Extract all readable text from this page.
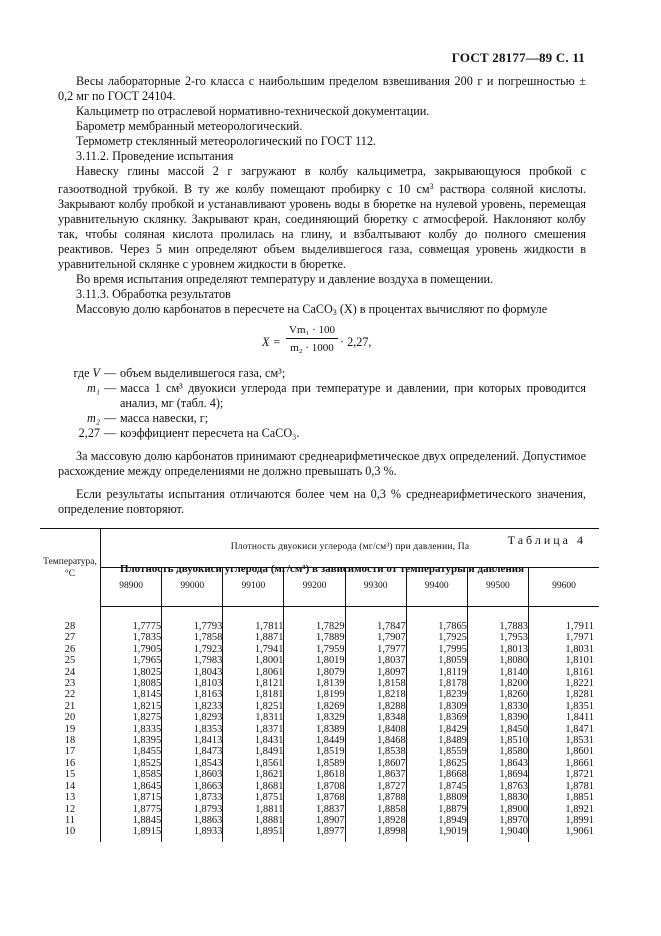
ГОСТ 28177—89 С. 11

Весы лабораторные 2-го класса с наибольшим пределом взвешивания 200 г и погрешностью ± 0,2 мг по ГОСТ 24104.

Кальциметр по отраслевой нормативно-технической документации.

Барометр мембранный метеорологический.

Термометр стеклянный метеорологический по ГОСТ 112.

3.11.2. Проведение испытания

Навеску глины массой 2 г загружают в колбу кальциметра, закрывающуюся пробкой с газоотводной трубкой. В ту же колбу помещают пробирку с 10 $см^3$ раствора соляной кислоты. Закрывают колбу пробкой и устанавливают уровень воды в бюретке на нулевой уровень, перемещая уравнительную склянку. Закрывают кран, соединяющий бюретку с атмосферой. Наклоняют колбу так, чтобы соляная кислота пролилась на глину, и взбалтывают колбу до полного смешения реактивов. Через 5 мин определяют объем выделившегося газа, совмещая уровень жидкости в уравнительной склянке с уровнем жидкости в бюретке.

Во время испытания определяют температуру и давление воздуха в помещении.

3.11.3. Обработка результатов

Массовую долю карбонатов в пересчете на CaCO$_3$ (X) в процентах вычисляют по формуле

$X = \frac{\text{Vm₁ · 100}}{\text{m₂ · 1000}} \cdot 2,27$,
где V — объем выделившегося газа, см³;
m₁ — масса 1 см³ двуокиси углерода при температуре и давлении, при которых проводится анализ, мг (табл. 4);
m₂ — масса навески, г;
2,27 — коэффициент пересчета на CaCO₃.

За массовую долю карбонатов принимают среднеарифметическое двух определений. Допустимое расхождение между определениями не должно превышать 0,3 %.

Если результаты испытания отличаются более чем на 0,3 % среднеарифметического значения, определение повторяют.

Таблица 4
Плотность двуокиси углерода (мг/см³) в зависимости от температуры и давления
Температура, °С	Плотность двуокиси углерода (мг/см³) при давлении, Па							
	98900	99000	99100	99200	99300	99400	99500	99600

28	1,7775	1,7793	1,7811	1,7829	1,7847	1,7865	1,7883	1,7911
27	1,7835	1,7858	1,8871	1,7889	1,7907	1,7925	1,7953	1,7971
26	1,7905	1,7923	1,7941	1,7959	1,7977	1,7995	1,8013	1,8031
25	1,7965	1,7983	1,8001	1,8019	1,8037	1,8059	1,8080	1,8101
24	1,8025	1,8043	1,8061	1,8079	1,8097	1,8119	1,8140	1,8161
23	1,8085	1,8103	1,8121	1,8139	1,8158	1,8178	1,8200	1,8221
22	1,8145	1,8163	1,8181	1,8199	1,8218	1,8239	1,8260	1,8281
21	1,8215	1,8233	1,8251	1,8269	1,8288	1,8309	1,8330	1,8351
20	1,8275	1,8293	1,8311	1,8329	1,8348	1,8369	1,8390	1,8411
19	1,8335	1,8353	1,8371	1,8389	1,8408	1,8429	1,8450	1,8471
18	1,8395	1,8413	1,8431	1,8449	1,8468	1,8489	1,8510	1,8531
17	1,8455	1,8473	1,8491	1,8519	1,8538	1,8559	1,8580	1,8601
16	1,8525	1,8543	1,8561	1,8589	1,8607	1,8625	1,8643	1,8661
15	1,8585	1,8603	1,8621	1,8618	1,8637	1,8668	1,8694	1,8721
14	1,8645	1,8663	1,8681	1,8708	1,8727	1,8745	1,8763	1,8781
13	1,8715	1,8733	1,8751	1,8768	1,8788	1,8809	1,8830	1,8851
12	1,8775	1,8793	1,8811	1,8837	1,8858	1,8879	1,8900	1,8921
11	1,8845	1,8863	1,8881	1,8907	1,8928	1,8949	1,8970	1,8991
10	1,8915	1,8933	1,8951	1,8977	1,8998	1,9019	1,9040	1,9061
